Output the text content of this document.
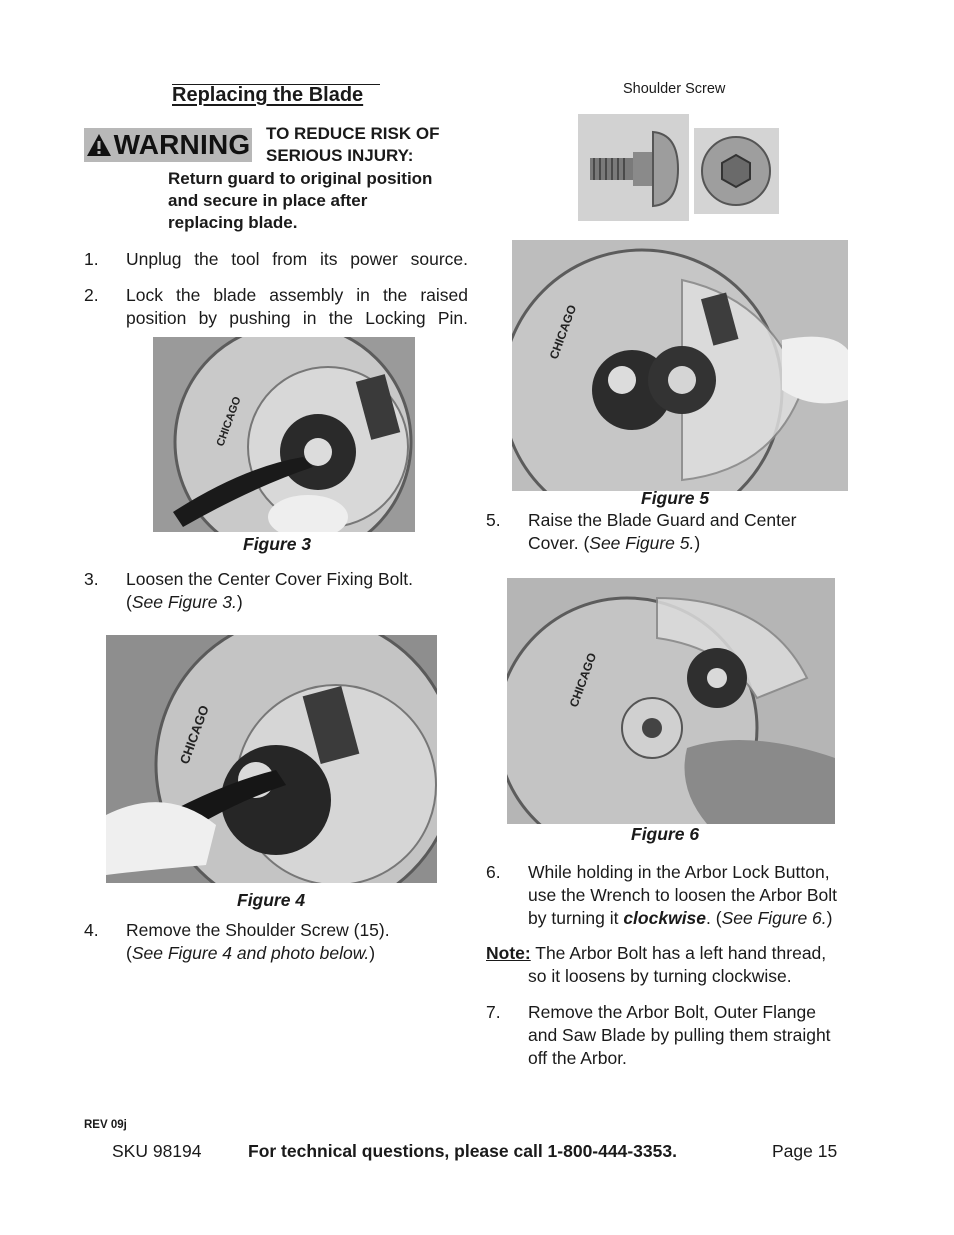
Replacing the Blade
WARNING TO REDUCE RISK OF
SERIOUS INJURY:
Return guard to original position
and secure in place after
replacing blade.
1. Unplug the tool from its power source.
2. Lock the blade assembly in the raised
position by pushing in the Locking Pin.
CHICAGO
Figure 3
3. Loosen the Center Cover Fixing Bolt.
(See Figure 3.)
CHICAGO
Figure 4
4. Remove the Shoulder Screw (15).
(See Figure 4 and photo below.)
Shoulder Screw
CHICAGO
Figure 5
5. Raise the Blade Guard and Center
Cover. (See Figure 5.)
CHICAGO
Figure 6
6. While holding in the Arbor Lock Button,
use the Wrench to loosen the Arbor Bolt
by turning it clockwise. (See Figure 6.)
Note: The Arbor Bolt has a left hand thread,
so it loosens by turning clockwise.
7. Remove the Arbor Bolt, Outer Flange
and Saw Blade by pulling them straight
off the Arbor.
REV 09j
SKU 98194	For technical questions, please call 1-800-444-3353.	Page 15
